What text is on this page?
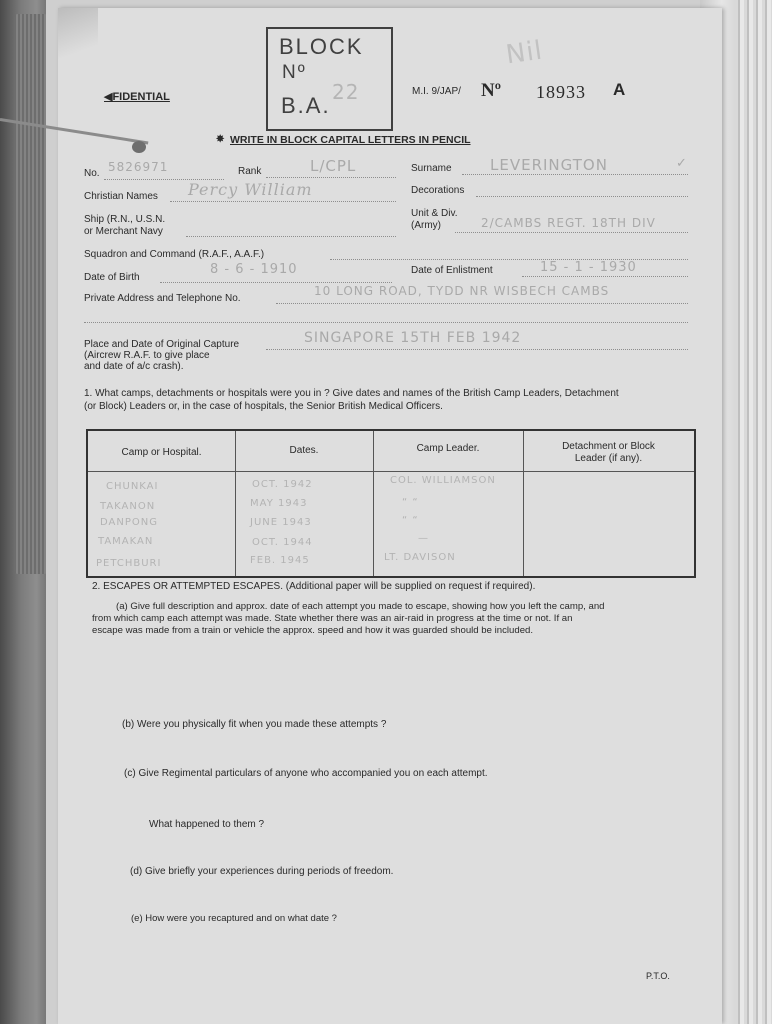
◀FIDENTIAL
BLOCK
Nº
B.A.
22
Nil
M.I. 9/JAP/ Nº 18933 A
✸ WRITE IN BLOCK CAPITAL LETTERS IN PENCIL
No. 5826971	Rank	L/CPL	Surname	LEVERINGTON	✓
Christian Names Percy William	Decorations
Ship (R.N., U.S.N.
or Merchant Navy
Unit & Div.
(Army)	2/CAMBS REGT. 18TH DIV
Squadron and Command (R.A.F., A.A.F.)
Date of Birth
8 - 6 - 1910	Date of Enlistment	15 - 1 - 1930
Private Address and Telephone No.
10 LONG ROAD, TYDD NR WISBECH CAMBS
Place and Date of Original Capture
(Aircrew R.A.F. to give place
and date of a/c crash).
SINGAPORE 15TH FEB 1942
1. What camps, detachments or hospitals were you in ? Give dates and names of the British Camp Leaders, Detachment
(or Block) Leaders or, in the case of hospitals, the Senior British Medical Officers.
Camp or Hospital.	Dates.	Camp Leader.	Detachment or Block
Leader (if any).
CHUNKAI	OCT. 1942	COL. WILLIAMSON
TAKANON	MAY 1943	“ “
DANPONG	JUNE 1943	“ “
TAMAKAN	OCT. 1944	—
PETCHBURI	FEB. 1945	LT. DAVISON
2. ESCAPES OR ATTEMPTED ESCAPES. (Additional paper will be supplied on request if required).
(a) Give full description and approx. date of each attempt you made to escape, showing how you left the camp, and
from which camp each attempt was made. State whether there was an air-raid in progress at the time or not. If an
escape was made from a train or vehicle the approx. speed and how it was guarded should be included.
(b) Were you physically fit when you made these attempts ?
(c) Give Regimental particulars of anyone who accompanied you on each attempt.
What happened to them ?
(d) Give briefly your experiences during periods of freedom.
(e) How were you recaptured and on what date ?
P.T.O.
